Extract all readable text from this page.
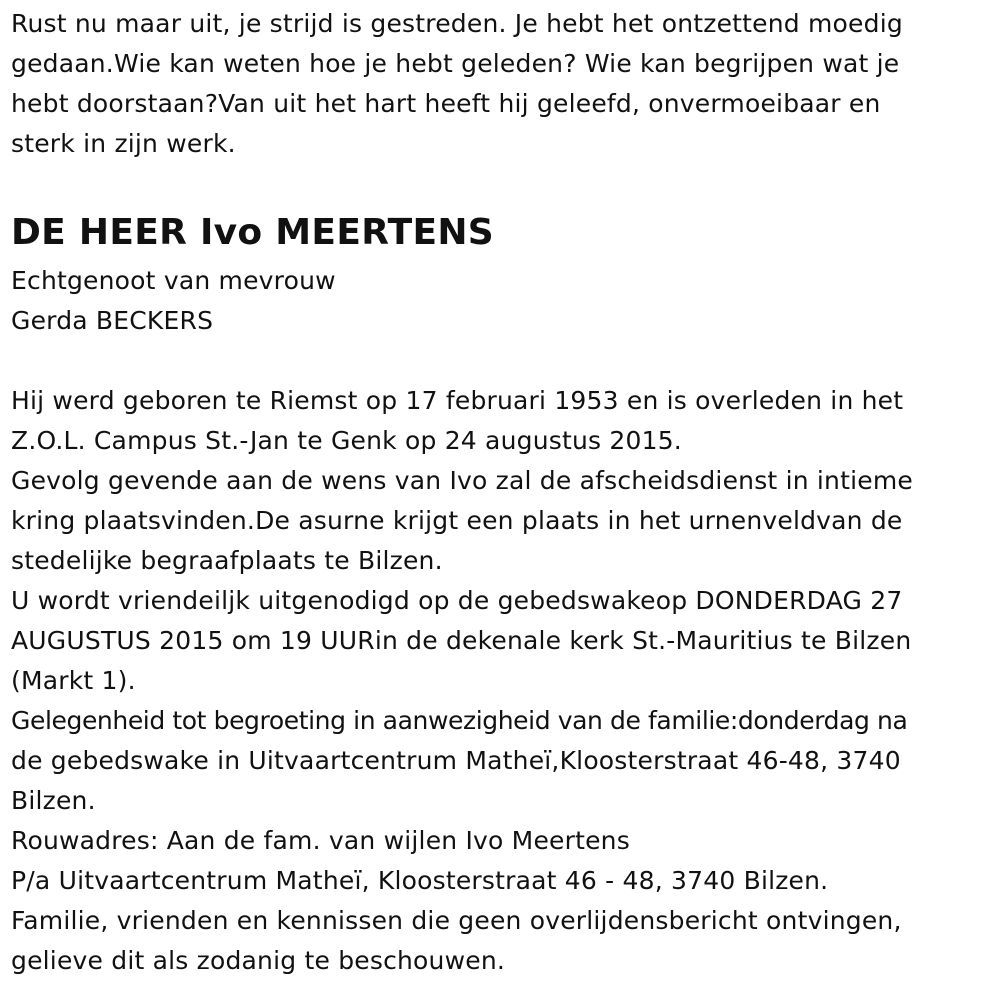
Rust nu maar uit, je strijd is gestreden. Je hebt het ontzettend moedig
gedaan.Wie kan weten hoe je hebt geleden? Wie kan begrijpen wat je
hebt doorstaan?Van uit het hart heeft hij geleefd, onvermoeibaar en
sterk in zijn werk.
DE HEER Ivo MEERTENS
Echtgenoot van mevrouw
Gerda BECKERS
Hij werd geboren te Riemst op 17 februari 1953 en is overleden in het
Z.O.L. Campus St.-Jan te Genk op 24 augustus 2015.
Gevolg gevende aan de wens van Ivo zal de afscheidsdienst in intieme
kring plaatsvinden.De asurne krijgt een plaats in het urnenveldvan de
stedelijke begraafplaats te Bilzen.
U wordt vriendeiljk uitgenodigd op de gebedswakeop DONDERDAG 27
AUGUSTUS 2015 om 19 UURin de dekenale kerk St.-Mauritius te Bilzen
(Markt 1).
Gelegenheid tot begroeting in aanwezigheid van de familie:donderdag na
de gebedswake in Uitvaartcentrum Matheï,Kloosterstraat 46-48, 3740
Bilzen.
Rouwadres: Aan de fam. van wijlen Ivo Meertens
P/a Uitvaartcentrum Matheï, Kloosterstraat 46 - 48, 3740 Bilzen.
Familie, vrienden en kennissen die geen overlijdensbericht ontvingen,
gelieve dit als zodanig te beschouwen.
